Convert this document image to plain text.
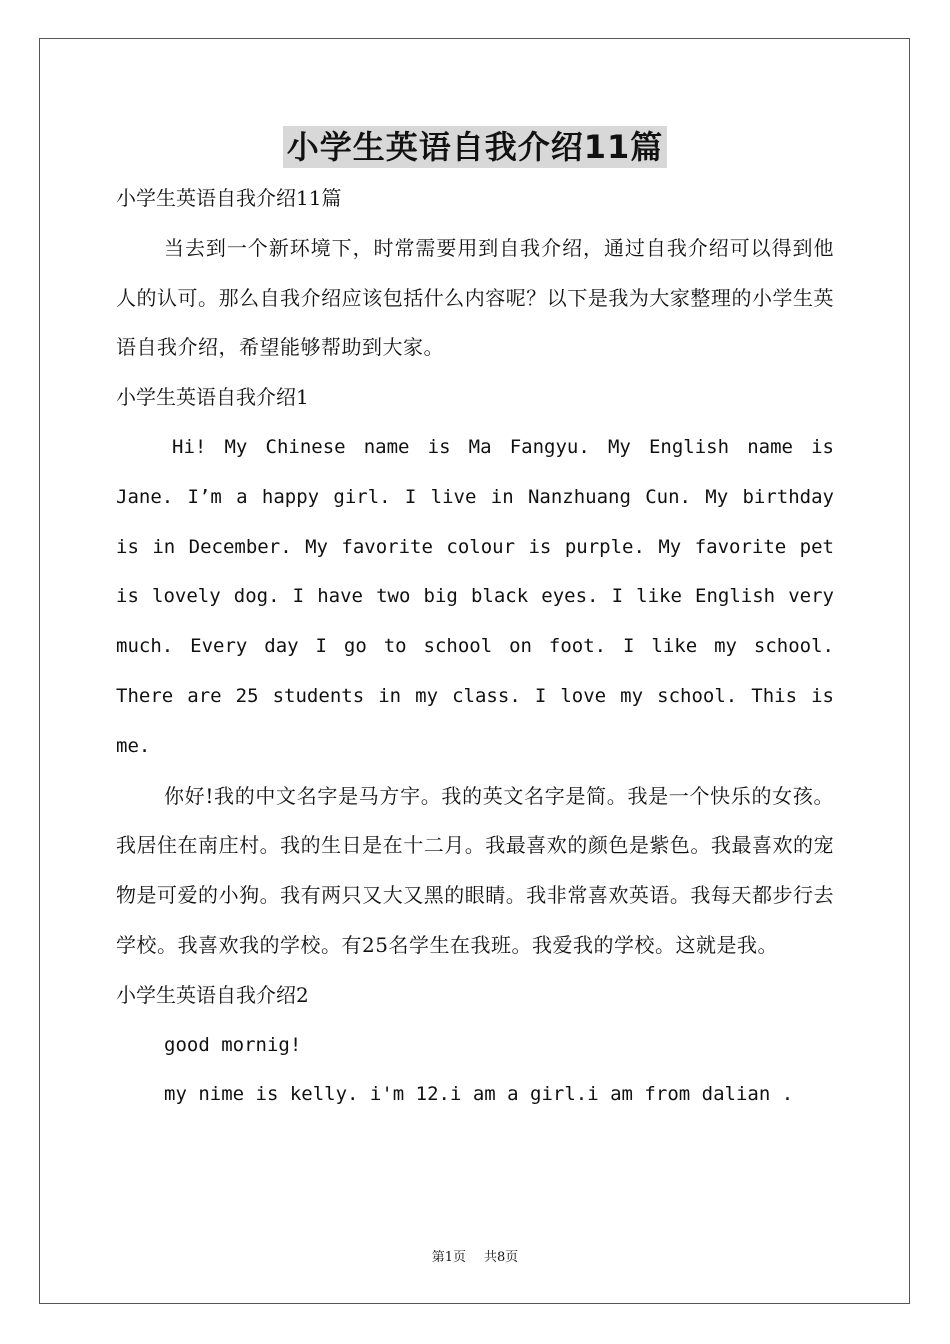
小学生英语自我介绍11篇

小学生英语自我介绍11篇

当去到一个新环境下，时常需要用到自我介绍，通过自我介绍可以得到他人的认可。那么自我介绍应该包括什么内容呢？以下是我为大家整理的小学生英语自我介绍，希望能够帮助到大家。

小学生英语自我介绍1

Hi! My Chinese name is Ma Fangyu. My English name is Jane. I’m a happy girl. I live in Nanzhuang Cun. My birthday is in December. My favorite colour is purple. My favorite pet is lovely dog. I have two big black eyes. I like English very much. Every day I go to school on foot. I like my school. There are 25 students in my class. I love my school. This is me.

你好!我的中文名字是马方宇。我的英文名字是简。我是一个快乐的女孩。我居住在南庄村。我的生日是在十二月。我最喜欢的颜色是紫色。我最喜欢的宠物是可爱的小狗。我有两只又大又黑的眼睛。我非常喜欢英语。我每天都步行去学校。我喜欢我的学校。有25名学生在我班。我爱我的学校。这就是我。

小学生英语自我介绍2

good mornig!

my nime is kelly. i'm 12.i am a girl.i am from dalian .

第1页 共8页
